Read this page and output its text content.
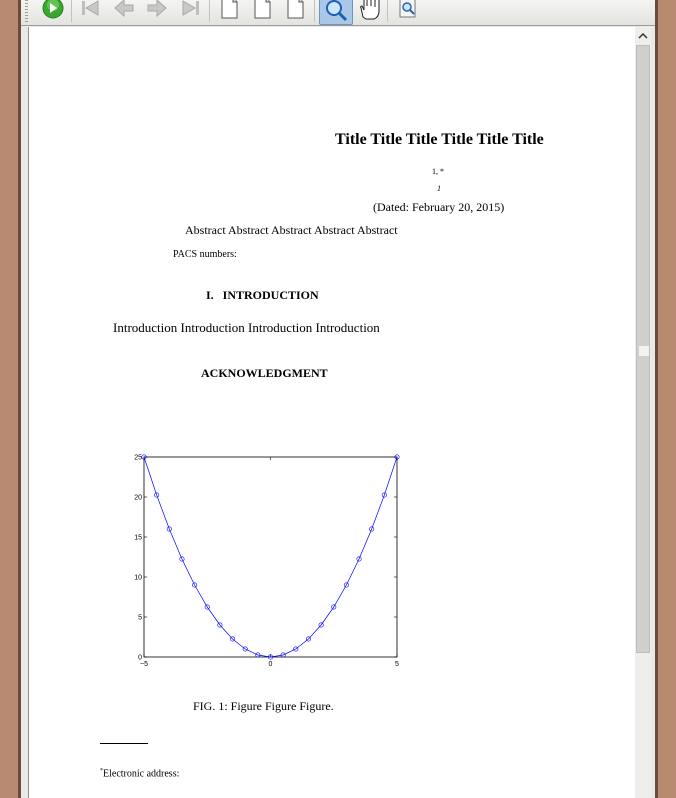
Title Title Title Title Title Title
1, *
1
(Dated: February 20, 2015)
Abstract Abstract Abstract Abstract Abstract
PACS numbers:
I.   INTRODUCTION
Introduction Introduction Introduction Introduction
ACKNOWLEDGMENT
−5	0	5
0
5
10
15
20
25
FIG. 1: Figure Figure Figure.
*Electronic address:
